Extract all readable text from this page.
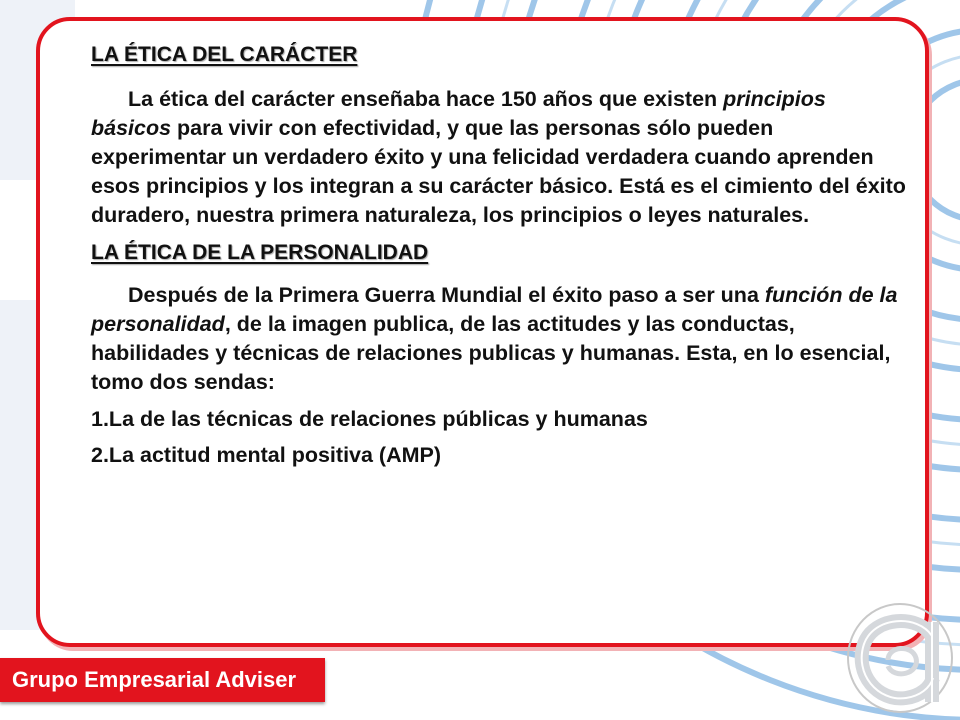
LA ÉTICA DEL CARÁCTER

La ética del carácter enseñaba hace 150 años que existen principios básicos para vivir con efectividad, y que las personas sólo pueden experimentar un verdadero éxito y una felicidad verdadera cuando aprenden esos principios y los integran a su carácter básico. Está es el cimiento del éxito duradero, nuestra primera naturaleza, los principios o leyes naturales.

LA ÉTICA DE LA PERSONALIDAD

Después de la Primera Guerra Mundial el éxito paso a ser una función de la personalidad, de la imagen publica, de las actitudes y las conductas, habilidades y técnicas de relaciones publicas y humanas. Esta, en lo esencial, tomo dos sendas:

1.La de las técnicas de relaciones públicas y humanas

2.La actitud mental positiva (AMP)

Grupo Empresarial Adviser
